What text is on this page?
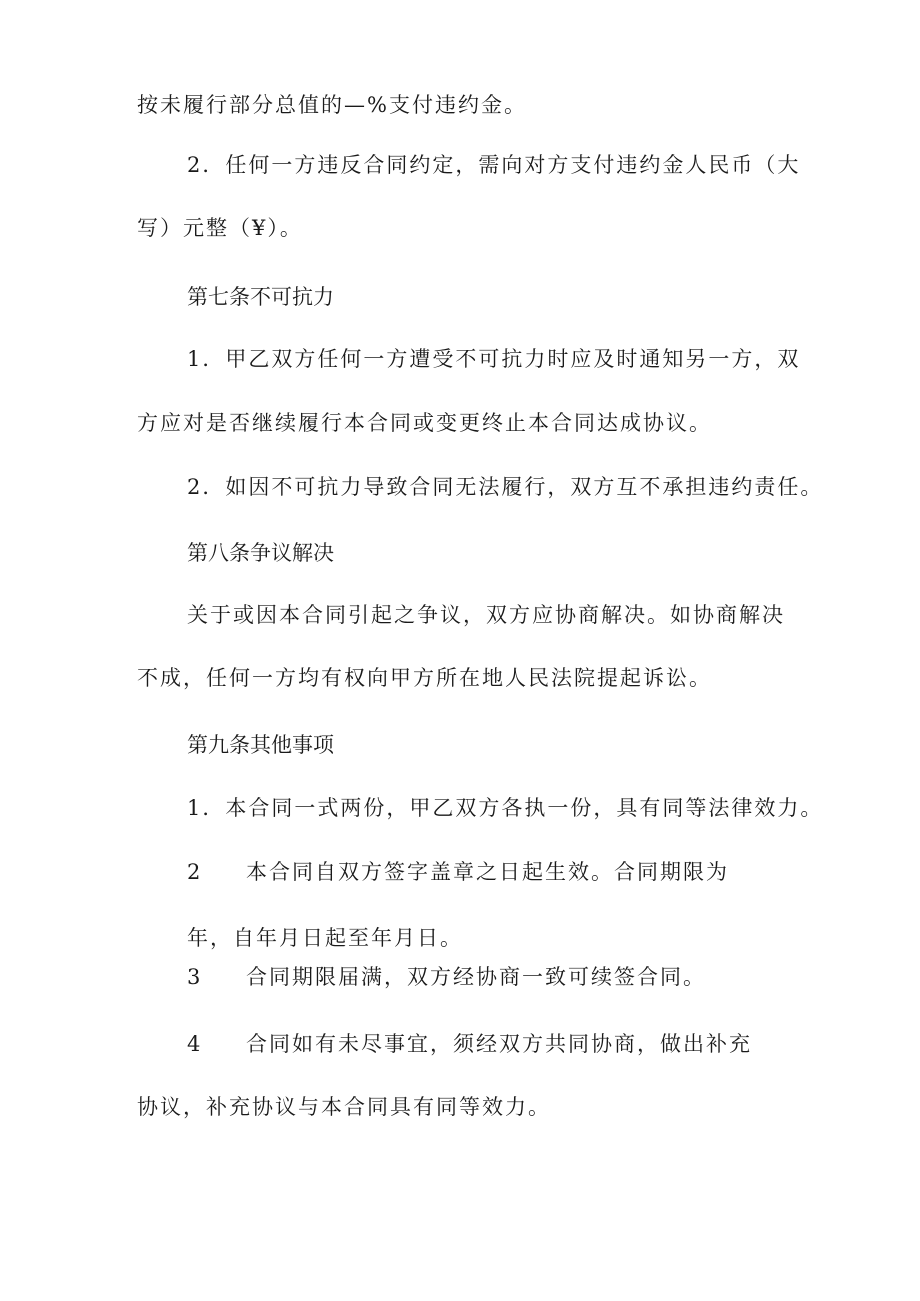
按未履行部分总值的—%支付违约金。
2．任何一方违反合同约定，需向对方支付违约金人民币（大
写）元整（¥）。
第七条不可抗力
1．甲乙双方任何一方遭受不可抗力时应及时通知另一方，双
方应对是否继续履行本合同或变更终止本合同达成协议。
2．如因不可抗力导致合同无法履行，双方互不承担违约责任。
第八条争议解决
关于或因本合同引起之争议，双方应协商解决。如协商解决
不成，任何一方均有权向甲方所在地人民法院提起诉讼。
第九条其他事项
1．本合同一式两份，甲乙双方各执一份，具有同等法律效力。
2 本合同自双方签字盖章之日起生效。合同期限为
年，自年月日起至年月日。
3 合同期限届满，双方经协商一致可续签合同。
4 合同如有未尽事宜，须经双方共同协商，做出补充
协议，补充协议与本合同具有同等效力。
